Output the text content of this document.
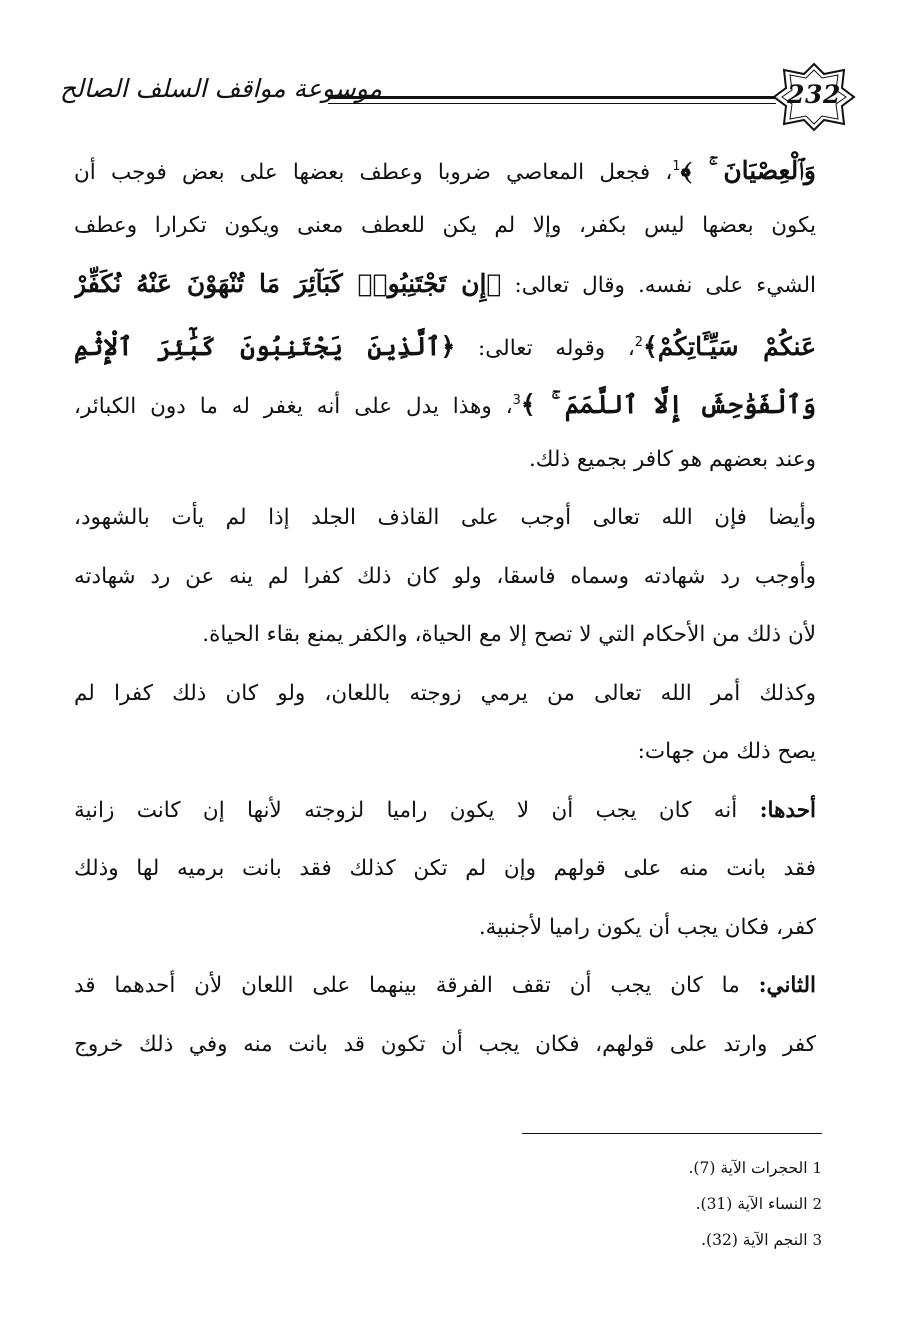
موسوعة مواقف السلف الصالح	232
وَٱلْعِصْيَانَ ۚ ﴾$^1$، فجعل المعاصي ضروبا وعطف بعضها على بعض فوجب أن
يكون بعضها ليس بكفر، وإلا لم يكن للعطف معنى ويكون تكرارا وعطف
الشيء على نفسه. وقال تعالى: ﴿إِن تَجْتَنِبُوا۟ كَبَآئِرَ مَا تُنْهَوْنَ عَنْهُ نُكَفِّرْ
عَنكُمْ سَيِّـَٔاتِكُمْ﴾$^2$، وقوله تعالى: ﴿ٱلَّذِينَ يَجْتَنِبُونَ كَبَٰٓئِرَ ٱلْإِثْمِ
وَٱلْفَوَٰحِشَ إِلَّا ٱللَّمَمَ ۚ ﴾$^3$، وهذا يدل على أنه يغفر له ما دون الكبائر،
وعند بعضهم هو كافر بجميع ذلك.
وأيضا فإن الله تعالى أوجب على القاذف الجلد إذا لم يأت بالشهود،
وأوجب رد شهادته وسماه فاسقا، ولو كان ذلك كفرا لم ينه عن رد شهادته
لأن ذلك من الأحكام التي لا تصح إلا مع الحياة، والكفر يمنع بقاء الحياة.
وكذلك أمر الله تعالى من يرمي زوجته باللعان، ولو كان ذلك كفرا لم
يصح ذلك من جهات:
أحدها: أنه كان يجب أن لا يكون راميا لزوجته لأنها إن كانت زانية
فقد بانت منه على قولهم وإن لم تكن كذلك فقد بانت برميه لها وذلك
كفر، فكان يجب أن يكون راميا لأجنبية.
الثاني: ما كان يجب أن تقف الفرقة بينهما على اللعان لأن أحدهما قد
كفر وارتد على قولهم، فكان يجب أن تكون قد بانت منه وفي ذلك خروج
1 الحجرات الآية (7).
2 النساء الآية (31).
3 النجم الآية (32).
